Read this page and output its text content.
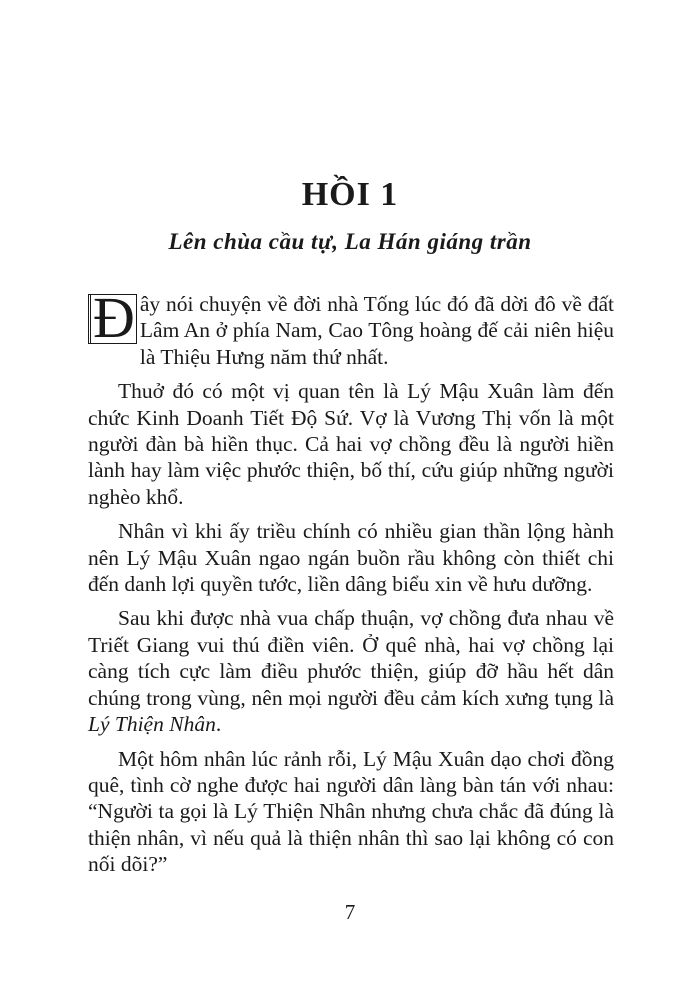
HỒI 1
Lên chùa cầu tự, La Hán giáng trần

Đ ây nói chuyện về đời nhà Tống lúc đó đã dời đô về đất Lâm An ở phía Nam, Cao Tông hoàng đế cải niên hiệu là Thiệu Hưng năm thứ nhất.

Thuở đó có một vị quan tên là Lý Mậu Xuân làm đến chức Kinh Doanh Tiết Độ Sứ. Vợ là Vương Thị vốn là một người đàn bà hiền thục. Cả hai vợ chồng đều là người hiền lành hay làm việc phước thiện, bố thí, cứu giúp những người nghèo khổ.

Nhân vì khi ấy triều chính có nhiều gian thần lộng hành nên Lý Mậu Xuân ngao ngán buồn rầu không còn thiết chi đến danh lợi quyền tước, liền dâng biểu xin về hưu dưỡng.

Sau khi được nhà vua chấp thuận, vợ chồng đưa nhau về Triết Giang vui thú điền viên. Ở quê nhà, hai vợ chồng lại càng tích cực làm điều phước thiện, giúp đỡ hầu hết dân chúng trong vùng, nên mọi người đều cảm kích xưng tụng là Lý Thiện Nhân.

Một hôm nhân lúc rảnh rỗi, Lý Mậu Xuân dạo chơi đồng quê, tình cờ nghe được hai người dân làng bàn tán với nhau: “Người ta gọi là Lý Thiện Nhân nhưng chưa chắc đã đúng là thiện nhân, vì nếu quả là thiện nhân thì sao lại không có con nối dõi?”

7
